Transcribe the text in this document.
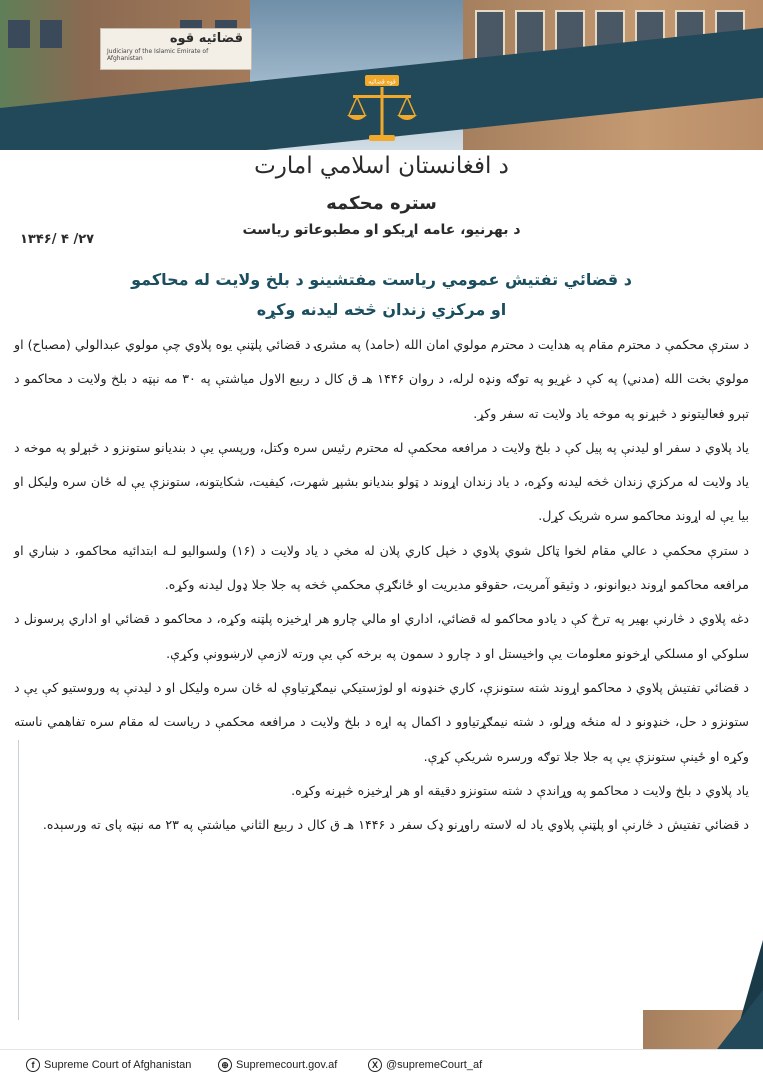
قضائیه قوه
Judiciary of the Islamic Emirate of Afghanistan
قوه قضائیه
د افغانستان اسلامي امارت
ستره محکمه
د بهرنيو، عامه اړیکو او مطبوعاتو رياست
۱۳۴۶/ ۴ /۲۷
د قضائي تفتيش عمومي رياست مفتشينو د بلخ ولايت له محاکمو
او مرکزي زندان څخه ليدنه وکړه

د سترې محکمې د محترم مقام په هدايت د محترم مولوي امان الله (حامد) په مشرۍ د قضائي پلټنې يوه پلاوي چې مولوي عبدالولي (مصباح) او مولوي بخت الله (مدني) په کې د غړيو په توګه ونډه لرله، د روان ۱۴۴۶ هـ ق کال د ربيع الاول مياشتې په ۳۰ مه نېټه د بلخ ولايت د محاکمو د تېرو فعاليتونو د څېړنو په موخه ياد ولايت ته سفر وکړ.

ياد پلاوي د سفر او ليدنې په پيل کې د بلخ ولايت د مرافعه محکمې له محترم رئيس سره وکتل، ورپسې يې د بنديانو ستونزو د څېړلو په موخه د ياد ولايت له مرکزي زندان څخه ليدنه وکړه، د ياد زندان اړوند د ټولو بنديانو بشپړ شهرت، کيفيت، شکايتونه، ستونزې يې له ځان سره وليکل او بيا يې له اړوند محاکمو سره شريک کړل.

د سترې محکمې د عالي مقام لخوا ټاکل شوي پلاوي د خپل کاري پلان له مخې د ياد ولايت د (۱۶) ولسواليو لـه ابتدائيه محاکمو، د ښاري او مرافعه محاکمو اړوند ديوانونو، د وثيقو آمريت، حقوقو مديريت او ځانګړې محکمې څخه په جلا جلا ډول ليدنه وکړه.

دغه پلاوي د څارنې بهير په ترڅ کې د يادو محاکمو له قضائي، اداري او مالي چارو هر اړخيزه پلټنه وکړه، د محاکمو د قضائي او اداري پرسونل د سلوکي او مسلکي اړخونو معلومات يې واخيستل او د چارو د سمون په برخه کې يې ورته لازمې لارښوونې وکړې.

د قضائي تفتيش پلاوي د محاکمو اړوند شته ستونزې، کاري خنډونه او لوژستيکي نيمګړتياوې له ځان سره وليکل او د ليدنې په وروستيو کې يې د ستونزو د حل، خنډونو د له منځه وړلو، د شته نيمګړتياوو د اکمال په اړه د بلخ ولايت د مرافعه محکمې د رياست له مقام سره تفاهمي ناسته وکړه او ځينې ستونزې يې په جلا جلا توګه ورسره شريکې کړې.

ياد پلاوي د بلخ ولايت د محاکمو په وړاندې د شته ستونزو دقيقه او هر اړخيزه څېړنه وکړه.

د قضائي تفتيش د څارنې او پلټنې پلاوي ياد له لاسته راوړنو ډک سفر د ۱۴۴۶ هـ ق کال د ربيع الثاني مياشتې په ۲۳ مه نېټه پای ته ورسېده.

f Supreme Court of Afghanistan	⊕ Supremecourt.gov.af	X @supremeCourt_af
